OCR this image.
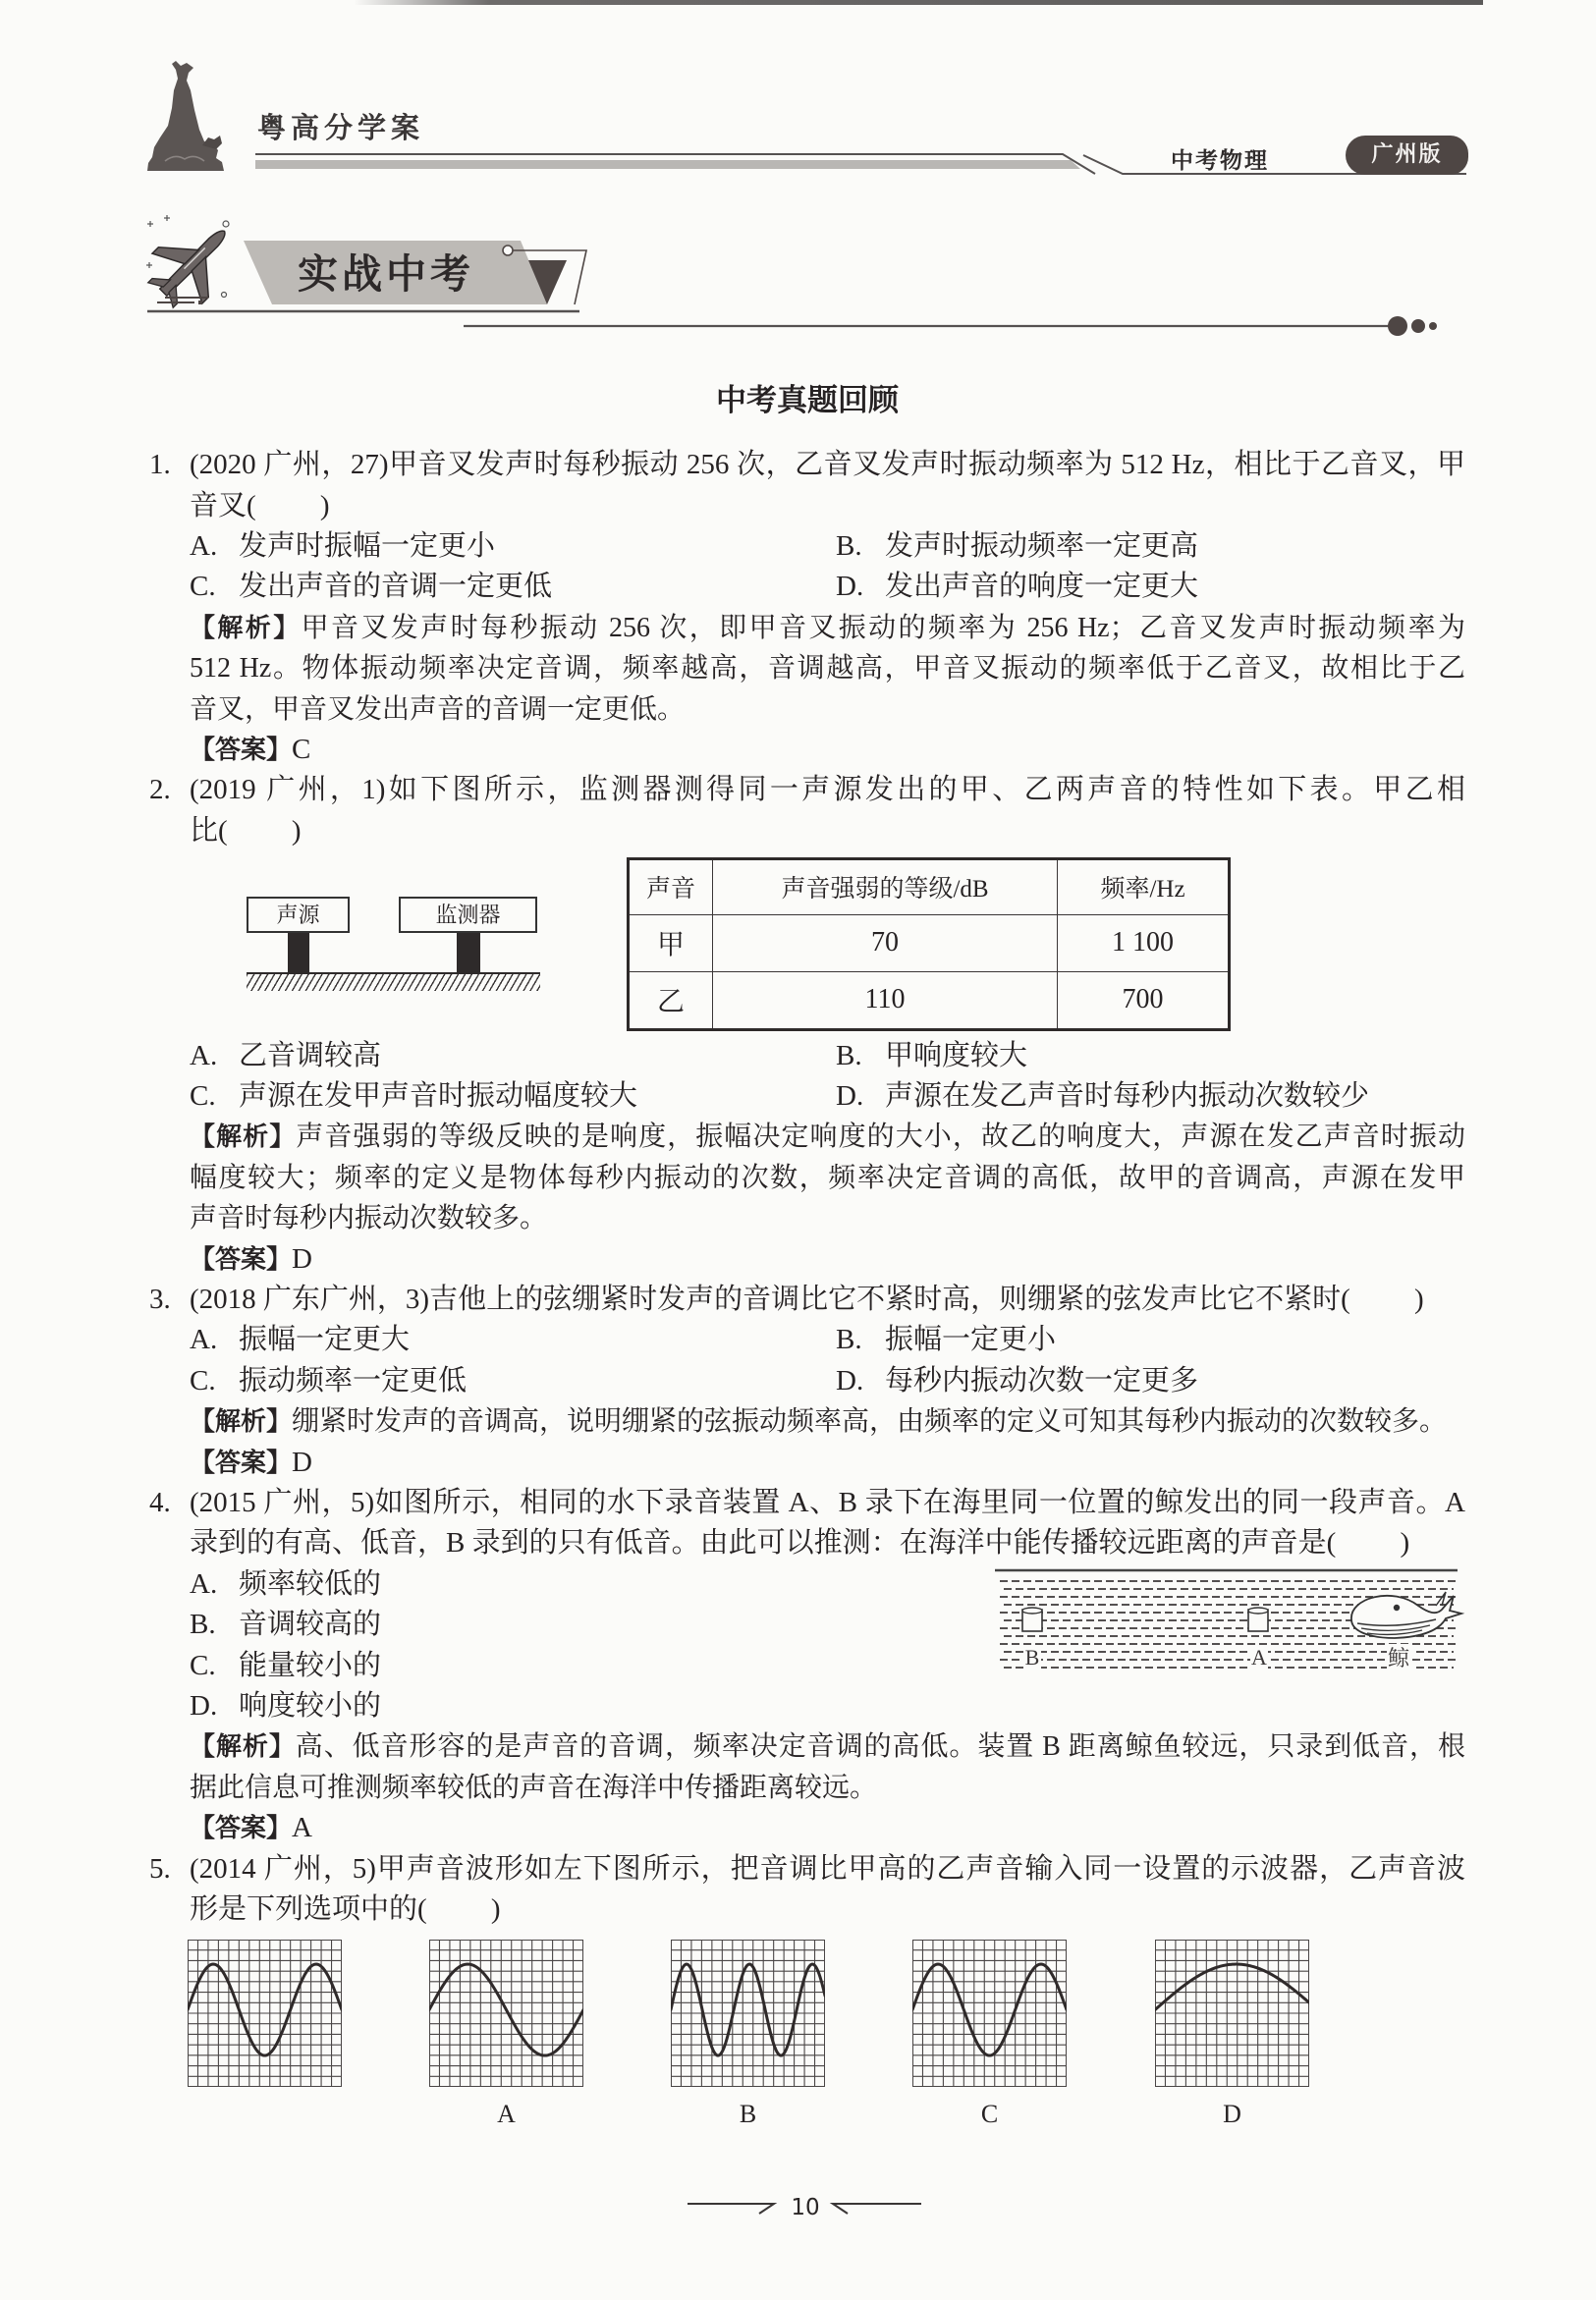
粤高分学案
中考物理	广州版
实战中考
中考真题回顾
1. (2020 广州，27)甲音叉发声时每秒振动 256 次，乙音叉发声时振动频率为 512 Hz，相比于乙音叉，甲
音叉(　　 )
A. 发声时振幅一定更小	B. 发声时振动频率一定更高
C. 发出声音的音调一定更低	D. 发出声音的响度一定更大
【解析】甲音叉发声时每秒振动 256 次，即甲音叉振动的频率为 256 Hz；乙音叉发声时振动频率为
512 Hz。物体振动频率决定音调，频率越高，音调越高，甲音叉振动的频率低于乙音叉，故相比于乙
音叉，甲音叉发出声音的音调一定更低。
【答案】C
2. (2019 广州，1)如下图所示，监测器测得同一声源发出的甲、乙两声音的特性如下表。甲乙相
比(　　 )
声源	监测器
声音	声音强弱的等级/dB	频率/Hz
甲	70	1 100
乙	110	700
A. 乙音调较高	B. 甲响度较大
C. 声源在发甲声音时振动幅度较大	D. 声源在发乙声音时每秒内振动次数较少
【解析】声音强弱的等级反映的是响度，振幅决定响度的大小，故乙的响度大，声源在发乙声音时振动
幅度较大；频率的定义是物体每秒内振动的次数，频率决定音调的高低，故甲的音调高，声源在发甲
声音时每秒内振动次数较多。
【答案】D
3. (2018 广东广州，3)吉他上的弦绷紧时发声的音调比它不紧时高，则绷紧的弦发声比它不紧时(　　 )
A. 振幅一定更大	B. 振幅一定更小
C. 振动频率一定更低	D. 每秒内振动次数一定更多
【解析】绷紧时发声的音调高，说明绷紧的弦振动频率高，由频率的定义可知其每秒内振动的次数较多。
【答案】D
4. (2015 广州，5)如图所示，相同的水下录音装置 A、B 录下在海里同一位置的鲸发出的同一段声音。A
录到的有高、低音，B 录到的只有低音。由此可以推测：在海洋中能传播较远距离的声音是(　　 )
A. 频率较低的
B. 音调较高的
C. 能量较小的
D. 响度较小的
【解析】高、低音形容的是声音的音调，频率决定音调的高低。装置 B 距离鲸鱼较远，只录到低音，根
据此信息可推测频率较低的声音在海洋中传播距离较远。
【答案】A
5. (2014 广州，5)甲声音波形如左下图所示，把音调比甲高的乙声音输入同一设置的示波器，乙声音波
形是下列选项中的(　　 )
A	B	C	D
B	A	鲸
10
